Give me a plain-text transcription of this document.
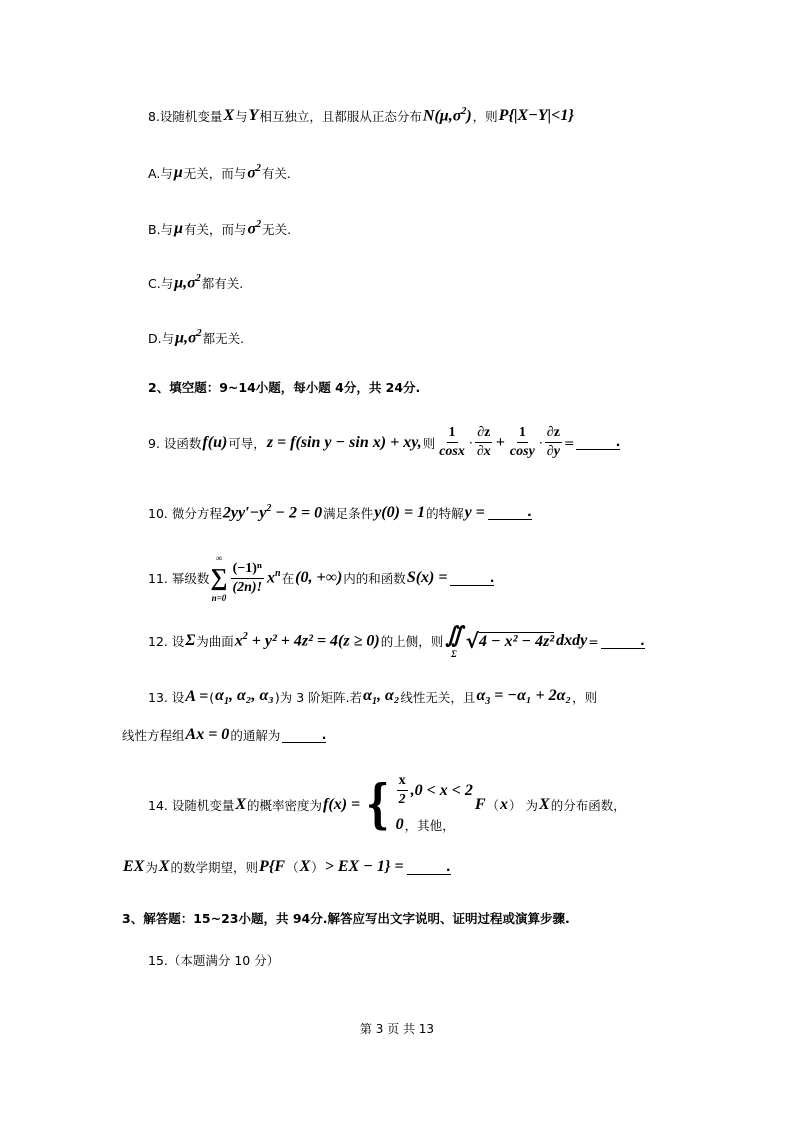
8.设随机变量 X 与 Y 相互独立，且都服从正态分布 $N(\mu,\sigma^2)$ ，则 P{|X−Y|<1}
A.与 μ 无关，而与 $\sigma^2$ 有关.
B.与 μ 有关，而与 $\sigma^2$ 无关.
C.与 $\mu,\sigma^2$ 都有关.
D.与 $\mu,\sigma^2$ 都无关.
2、填空题：9~14小题，每小题 4分，共 24分.
9. 设函数 f(u) 可导， z = f(sin y − sin x) + xy, 则 $\frac{1}{\cos x} \cdot \frac{\partial z}{\partial x} + \frac{1}{\cos y} \cdot \frac{\partial z}{\partial y}$ =	.
10. 微分方程 $2yy'-y^2 - 2 = 0$ 满足条件 y(0) = 1 的特解 y =	.
11. 幂级数
∞
∑
n=0
$\frac{\text{(−1)ⁿ}}{(2n)!} x^n$ 在 (0, +∞) 内的和函数 S(x) =	.
12. 设 Σ 为曲面 $x^2 + y^2 + 4z^2 = 4(z \ge 0)$ 的上侧，则 ∬
Σ
√ 4 − x² − 4z² dxdy =	.
13. 设 A = ( $\alpha_1$, α₂, α₃ )为 3 阶矩阵.若 $\alpha_1$, α₂ 线性无关，且 $\alpha_3 = -\alpha_1 + 2\alpha_2$ ，则
线性方程组 Ax = 0 的通解为	.
14. 设随机变量 X 的概率密度为 f(x) = { $\frac{x}{2} ,0 < x < 2$
0 ，其他，
F （ x ） 为 X 的分布函数，
EX 为 X 的数学期望，则 P{F （ X ） > EX − 1} =	.
3、解答题：15~23小题，共 94分.解答应写出文字说明、证明过程或演算步骤.
15.（本题满分 10 分）
第 3 页 共 13
